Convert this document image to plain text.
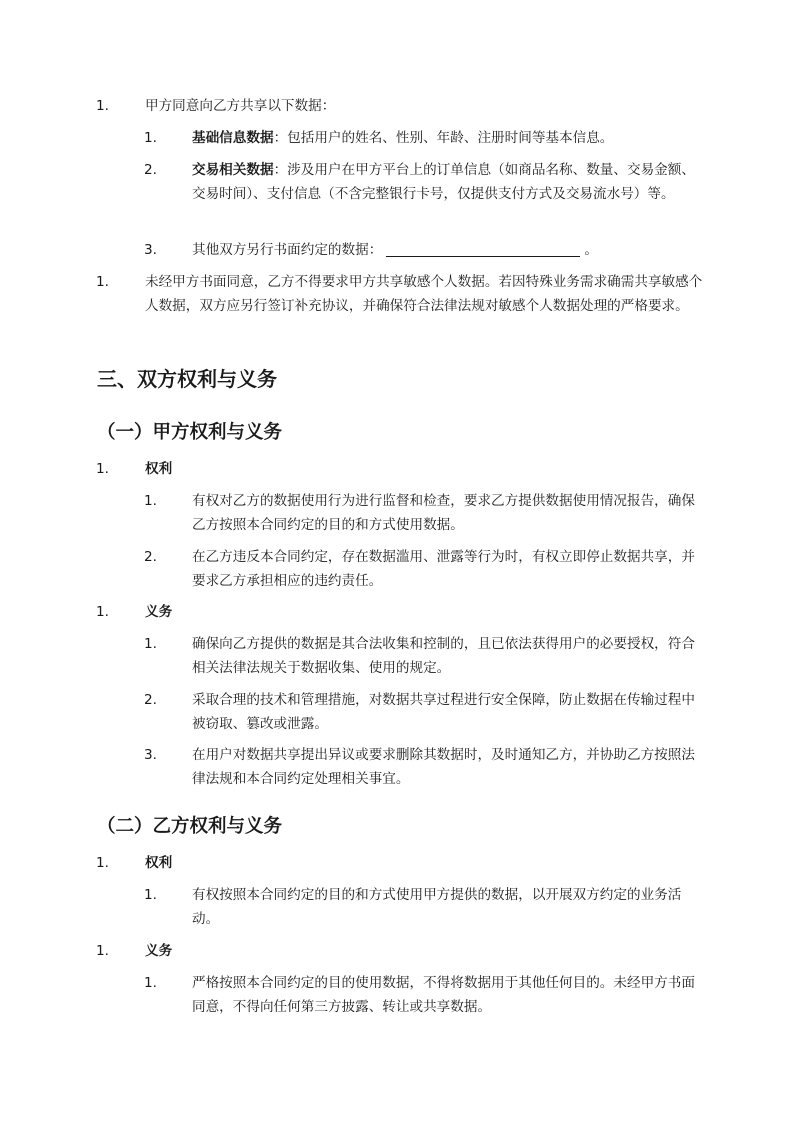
1.	甲方同意向乙方共享以下数据：
1.	基础信息数据：包括用户的姓名、性别、年龄、注册时间等基本信息。
2.	交易相关数据：涉及用户在甲方平台上的订单信息（如商品名称、数量、交易金额、交易时间）、支付信息（不含完整银行卡号，仅提供支付方式及交易流水号）等。
3.	其他双方另行书面约定的数据：	。
1.	未经甲方书面同意，乙方不得要求甲方共享敏感个人数据。若因特殊业务需求确需共享敏感个人数据，双方应另行签订补充协议，并确保符合法律法规对敏感个人数据处理的严格要求。
三、双方权利与义务
（一）甲方权利与义务
1.	权利
1.	有权对乙方的数据使用行为进行监督和检查，要求乙方提供数据使用情况报告，确保乙方按照本合同约定的目的和方式使用数据。
2.	在乙方违反本合同约定，存在数据滥用、泄露等行为时，有权立即停止数据共享，并要求乙方承担相应的违约责任。
1.	义务
1.	确保向乙方提供的数据是其合法收集和控制的，且已依法获得用户的必要授权，符合相关法律法规关于数据收集、使用的规定。
2.	采取合理的技术和管理措施，对数据共享过程进行安全保障，防止数据在传输过程中被窃取、篡改或泄露。
3.	在用户对数据共享提出异议或要求删除其数据时，及时通知乙方，并协助乙方按照法律法规和本合同约定处理相关事宜。
（二）乙方权利与义务
1.	权利
1.	有权按照本合同约定的目的和方式使用甲方提供的数据，以开展双方约定的业务活动。
1.	义务
1.	严格按照本合同约定的目的使用数据，不得将数据用于其他任何目的。未经甲方书面同意，不得向任何第三方披露、转让或共享数据。
